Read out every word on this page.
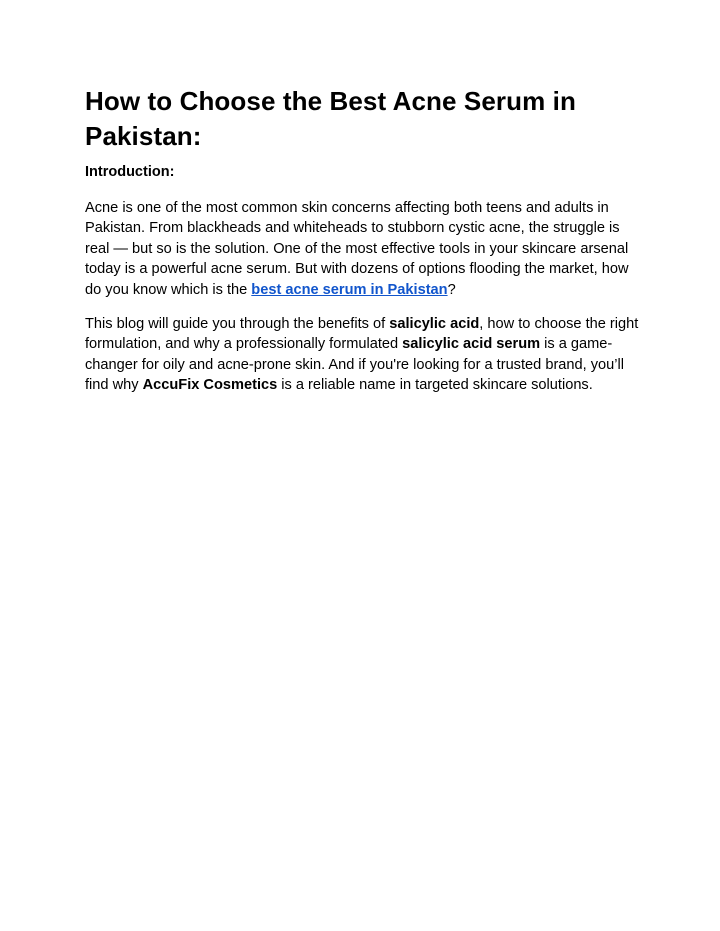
How to Choose the Best Acne Serum in Pakistan:
Introduction:

Acne is one of the most common skin concerns affecting both teens and adults in Pakistan. From blackheads and whiteheads to stubborn cystic acne, the struggle is real — but so is the solution. One of the most effective tools in your skincare arsenal today is a powerful acne serum. But with dozens of options flooding the market, how do you know which is the best acne serum in Pakistan?

This blog will guide you through the benefits of salicylic acid, how to choose the right formulation, and why a professionally formulated salicylic acid serum is a game-changer for oily and acne-prone skin. And if you're looking for a trusted brand, you’ll find why AccuFix Cosmetics is a reliable name in targeted skincare solutions.
